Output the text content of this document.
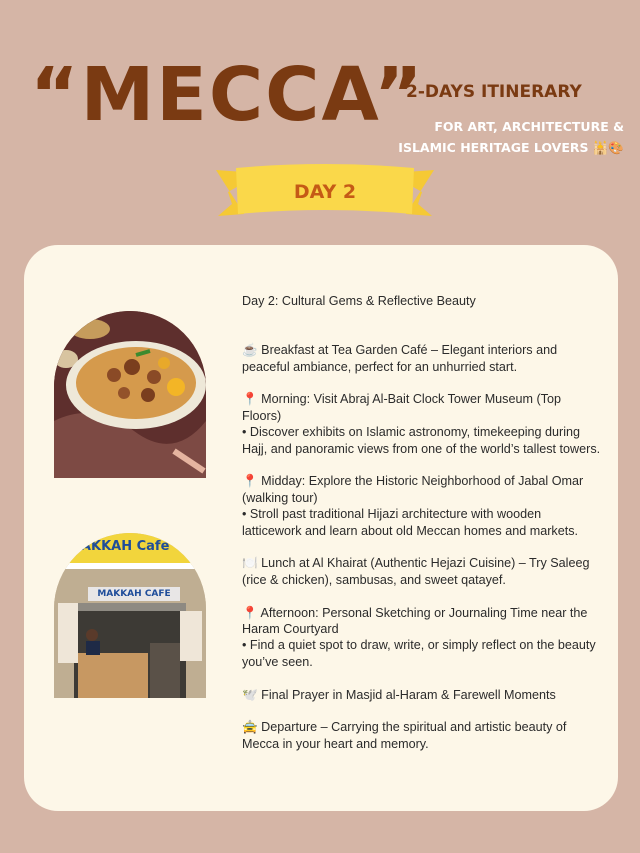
“MECCA”
2-DAYS ITINERARY
FOR ART, ARCHITECTURE &
ISLAMIC HERITAGE LOVERS 🕌🎨
DAY 2
MAKKAH Cafe
MAKKAH CAFE

Day 2: Cultural Gems & Reflective Beauty

☕ Breakfast at Tea Garden Café – Elegant interiors and peaceful ambiance, perfect for an unhurried start.

📍 Morning: Visit Abraj Al-Bait Clock Tower Museum (Top Floors)

• Discover exhibits on Islamic astronomy, timekeeping during Hajj, and panoramic views from one of the world’s tallest towers.

📍 Midday: Explore the Historic Neighborhood of Jabal Omar (walking tour)

• Stroll past traditional Hijazi architecture with wooden latticework and learn about old Meccan homes and markets.

🍽️ Lunch at Al Khairat (Authentic Hejazi Cuisine) – Try Saleeg (rice & chicken), sambusas, and sweet qatayef.

📍 Afternoon: Personal Sketching or Journaling Time near the Haram Courtyard

• Find a quiet spot to draw, write, or simply reflect on the beauty you’ve seen.

🕊️ Final Prayer in Masjid al-Haram & Farewell Moments

🚖 Departure – Carrying the spiritual and artistic beauty of Mecca in your heart and memory.
